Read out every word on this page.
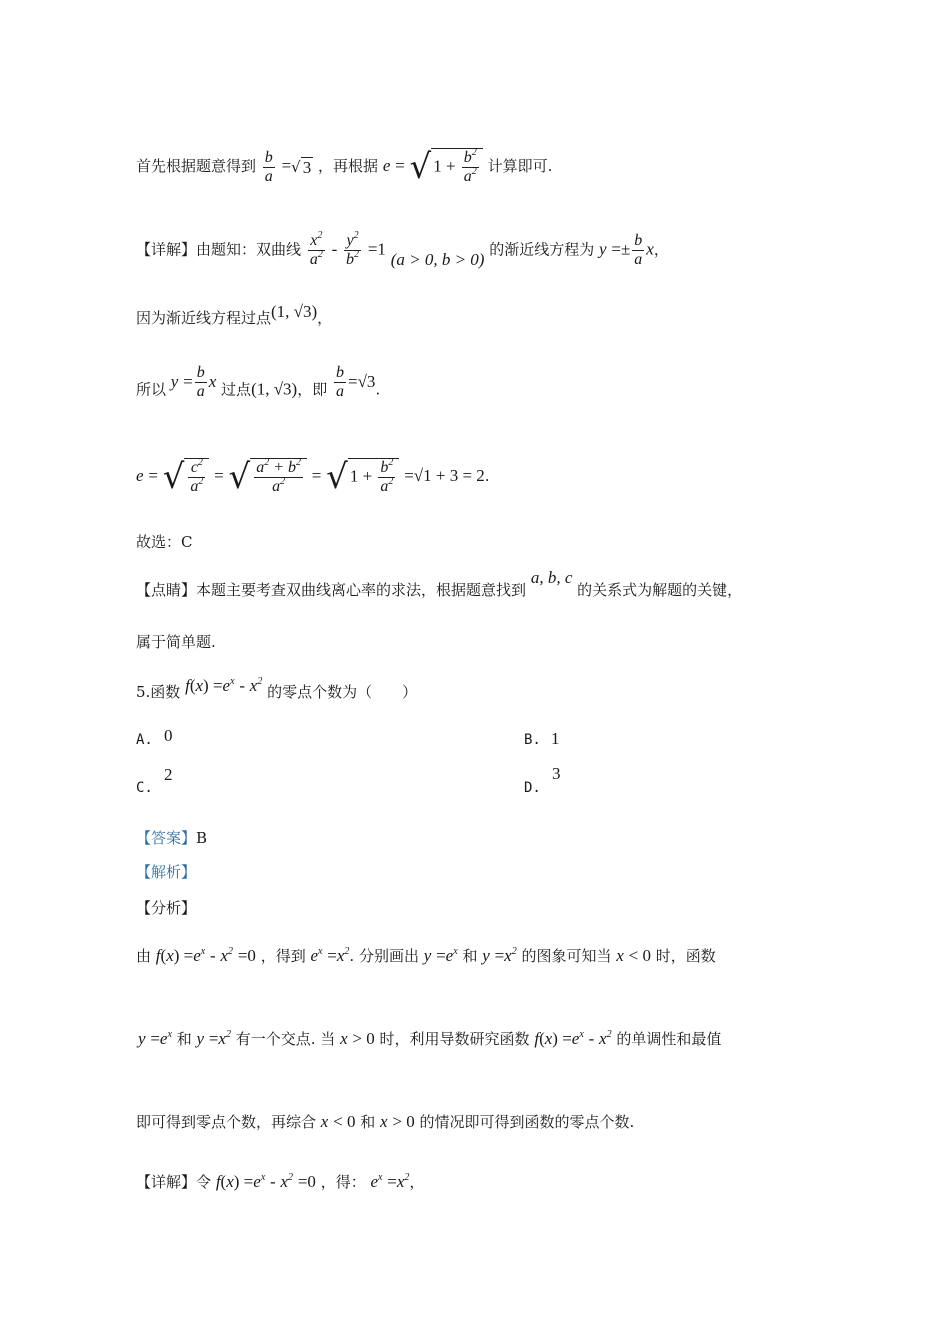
首先根据题意得到 $\frac{b}{a}$ =√ 3 ，再根据 e = √ $1 + \frac{b^2}{a^2}$ 计算即可.
【详解】由题知：双曲线 $\frac{x^2}{a^2} - \frac{y^2}{b^2} =1$ (a > 0, b > 0) 的渐近线方程为 $y =\pm \frac{b}{a}$ x，
因为渐近线方程过点(1, √3)，
所以 $y = \frac{b}{a}$ x 过点(1, √3)，即 $\frac{b}{a} =√3$.
e = √ $\frac{c^2}{a^2}$ = √ $\frac{a^2 + b^2}{a^2}$ = √ $1 + \frac{b^2}{a^2} =√1 + 3 = 2$.
故选：C
【点睛】本题主要考查双曲线离心率的求法，根据题意找到 a, b, c 的关系式为解题的关键，
属于简单题.
5.函数 $f(x) =e^x - x^2$ 的零点个数为（　　）
A. 0	B. 1
C.
2
D.
3
【答案】B
【解析】
【分析】
由 $f(x) =e^x - x^2 =0$ ，得到 $e^x =x^2$. 分别画出 $y =e^x$ 和 $y =x^2$ 的图象可知当 x < 0 时，函数
$y =e^x$ 和 $y =x^2$ 有一个交点. 当 x > 0 时，利用导数研究函数 $f(x) =e^x - x^2$ 的单调性和最值
即可得到零点个数，再综合 x < 0 和 x > 0 的情况即可得到函数的零点个数.
【详解】令 $f(x) =e^x - x^2 =0$ ，得： $e^x =x^2$，
